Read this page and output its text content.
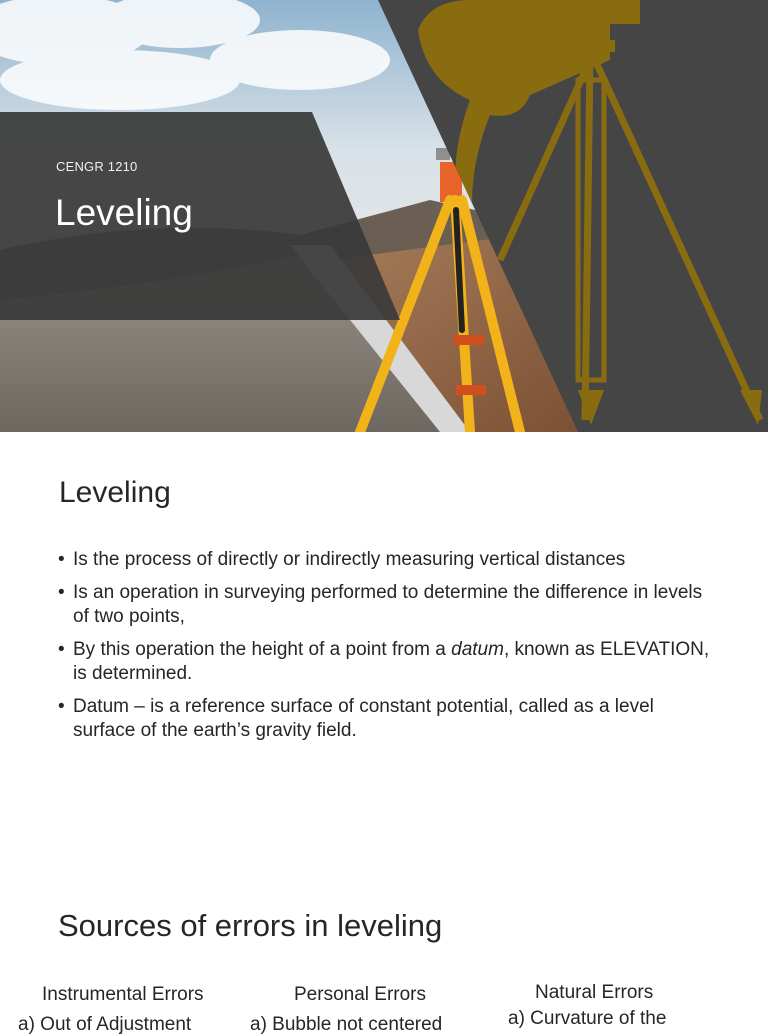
CENGR 1210
Leveling
Leveling
• Is the process of directly or indirectly measuring vertical distances
• Is an operation in surveying performed to determine the difference in levels of two points,
• By this operation the height of a point from a datum, known as ELEVATION, is determined.
• Datum – is a reference surface of constant potential, called as a level surface of the earth’s gravity field.
Sources of errors in leveling
Instrumental Errors
a) Out of Adjustment
Personal Errors
a) Bubble not centered
Natural Errors
a) Curvature of the
